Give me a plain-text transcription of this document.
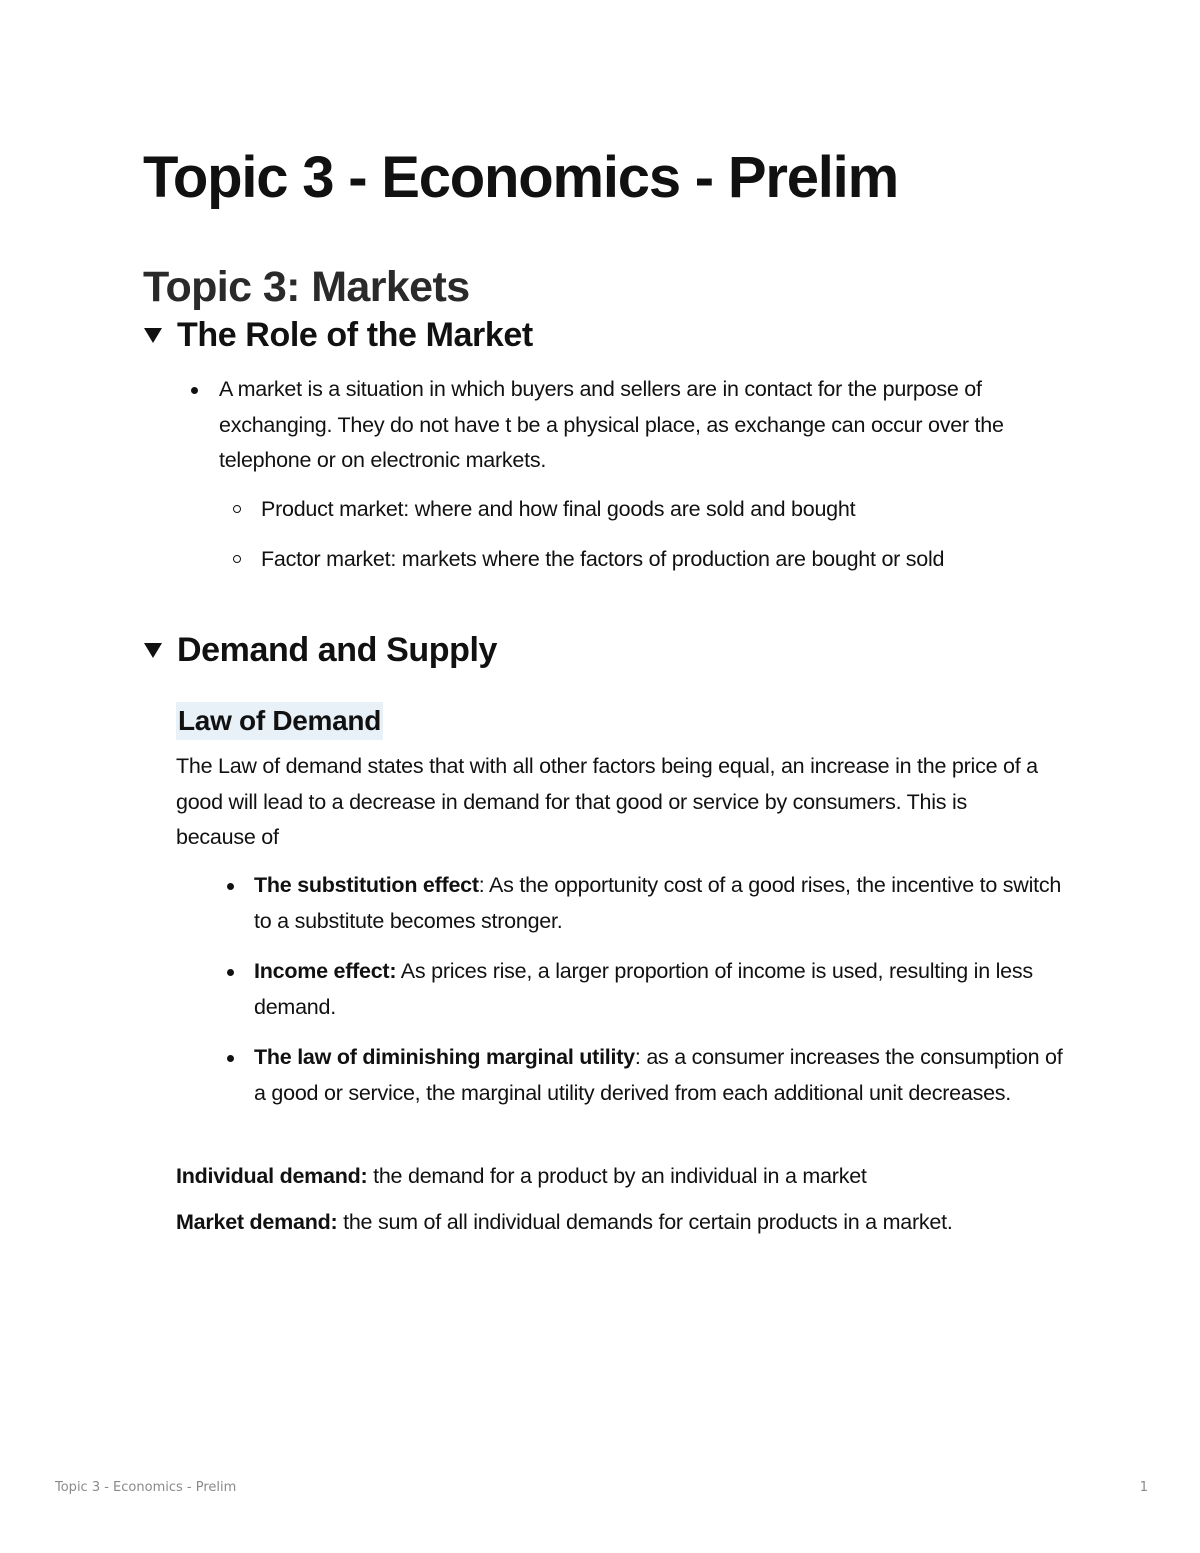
Topic 3 - Economics - Prelim
Topic 3: Markets
The Role of the Market
A market is a situation in which buyers and sellers are in contact for the purpose of exchanging. They do not have t be a physical place, as exchange can occur over the telephone or on electronic markets.
Product market: where and how final goods are sold and bought
Factor market: markets where the factors of production are bought or sold
Demand and Supply
Law of Demand

The Law of demand states that with all other factors being equal, an increase in the price of a good will lead to a decrease in demand for that good or service by consumers. This is because of

The substitution effect: As the opportunity cost of a good rises, the incentive to switch to a substitute becomes stronger.
Income effect: As prices rise, a larger proportion of income is used, resulting in less demand.
The law of diminishing marginal utility: as a consumer increases the consumption of a good or service, the marginal utility derived from each additional unit decreases.

Individual demand: the demand for a product by an individual in a market

Market demand: the sum of all individual demands for certain products in a market.

Topic 3 - Economics - Prelim	1
